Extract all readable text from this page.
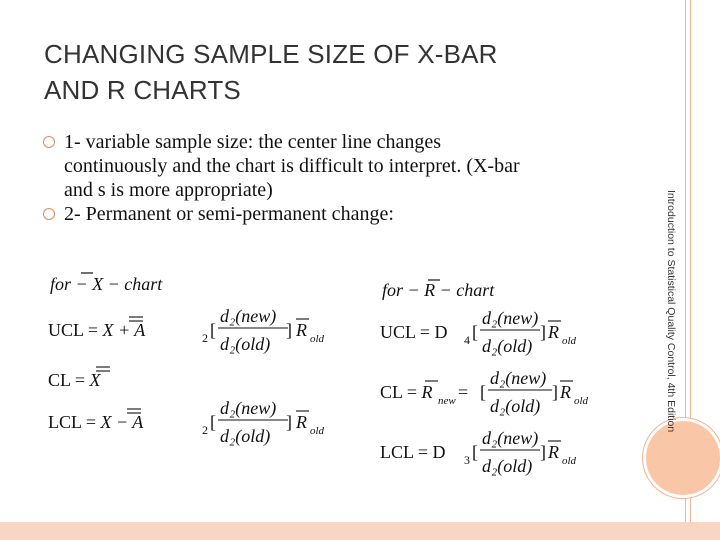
Introduction to Statistical Quality Control, 4th Edition
CHANGING SAMPLE SIZE OF X-BAR
AND R CHARTS
1- variable sample size: the center line changes
continuously and the chart is difficult to interpret. (X-bar
and s is more appropriate)
2- Permanent or semi-permanent change:
for − X − chart
UCL = X + A	2 [
d₂(new)
d₂(old)
] R old
CL = X
LCL = X − A	2 [
d₂(new)
d₂(old)
] R old
for − R − chart
UCL = D 4 [
d₂(new)
d₂(old)
] R old
CL = R new = [
d₂(new)
d₂(old)
] R old
LCL = D 3 [
d₂(new)
d₂(old)
] R old
